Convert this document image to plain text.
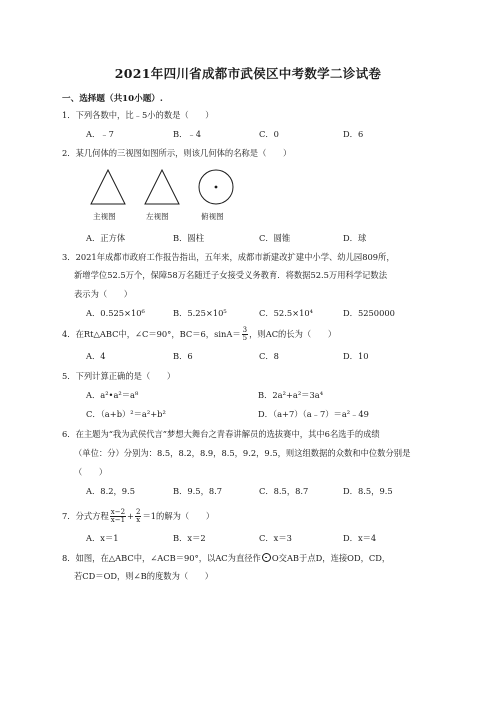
2021年四川省成都市武侯区中考数学二诊试卷
一、选择题（共10小题）.
1．下列各数中，比﹣5小的数是（　　）
A．﹣7	B．﹣4	C．0	D．6
2．某几何体的三视图如图所示，则该几何体的名称是（　　）
主视图	左视图	俯视图
A．正方体	B．圆柱	C．圆锥	D．球
3．2021年成都市政府工作报告指出，五年来，成都市新建改扩建中小学、幼儿园809所，
新增学位52.5万个，保障58万名随迁子女接受义务教育．将数据52.5万用科学记数法
表示为（　　）
A．0.525×10⁶	B．5.25×10⁵	C．52.5×10⁴	D．5250000
4．在Rt△ABC中，∠C＝90°，BC＝6，$\sin A= \frac{3}{5}$ ，则AC的长为（　　）
A．4	B．6	C．8	D．10
5．下列计算正确的是（　　）
A．a²•a²＝a⁸	B．2a²+a²＝3a⁴
C．（a+b）²＝a²+b²	D．（a+7）（a﹣7）＝a²﹣49
6．在主题为“我为武侯代言”梦想大舞台之青春讲解员的选拔赛中，其中6名选手的成绩
（单位：分）分别为：8.5，8.2，8.9，8.5，9.2，9.5，则这组数据的众数和中位数分别是
（　　）
A．8.2，9.5	B．9.5，8.7	C．8.5，8.7	D．8.5，9.5
7．分式方程 $\frac{x-2}{x-1} + \frac{2}{x} =1$的解为（　　）
A．x＝1	B．x＝2	C．x＝3	D．x＝4
8．如图，在△ABC中，∠ACB＝90°，以AC为直径作 O交AB于点D，连接OD，CD，
若CD＝OD，则∠B的度数为（　　）
